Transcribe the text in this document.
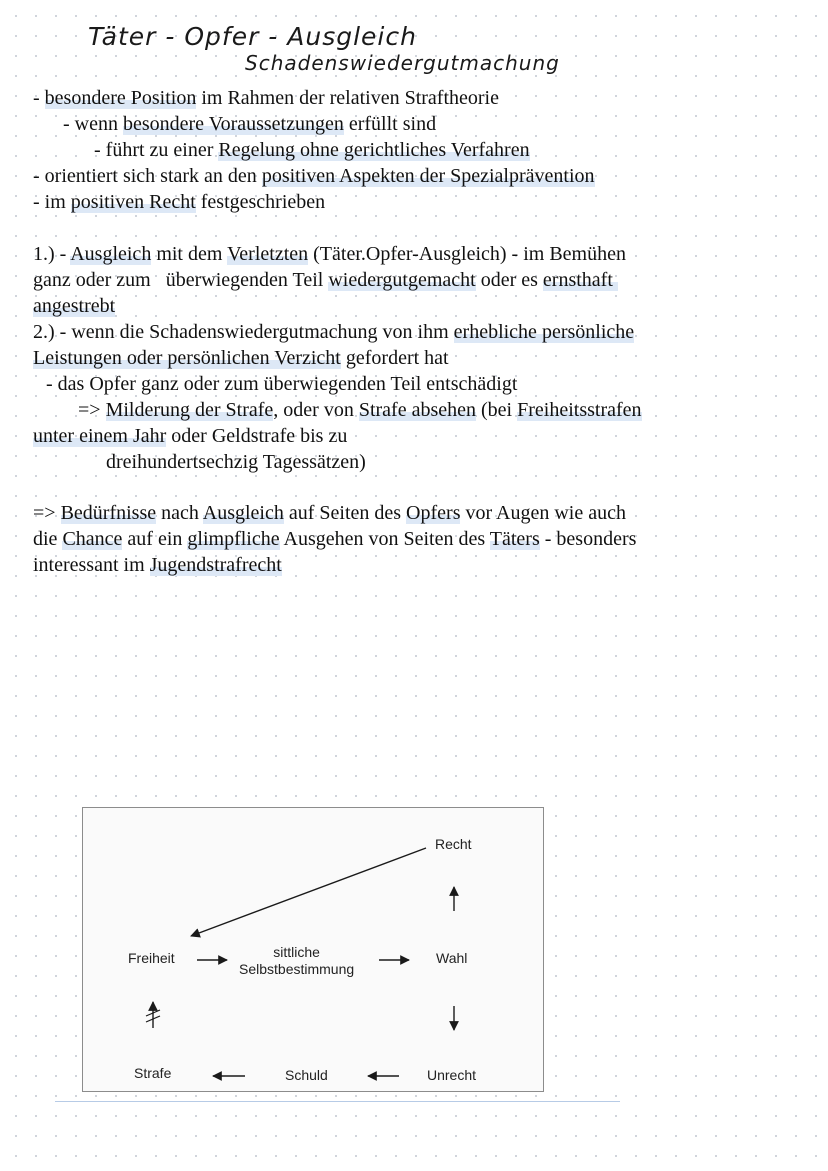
Täter - Opfer - Ausgleich
Schadenswiedergutmachung
- besondere Position im Rahmen der relativen Straftheorie
- wenn besondere Voraussetzungen erfüllt sind
- führt zu einer Regelung ohne gerichtliches Verfahren
- orientiert sich stark an den positiven Aspekten der Spezialprävention
- im positiven Recht festgeschrieben
1.) - Ausgleich mit dem Verletzten (Täter.Opfer-Ausgleich) - im Bemühen
ganz oder zum   überwiegenden Teil wiedergutgemacht oder es ernsthaft
angestrebt
2.) - wenn die Schadenswiedergutmachung von ihm erhebliche persönliche
Leistungen oder persönlichen Verzicht gefordert hat
- das Opfer ganz oder zum überwiegenden Teil entschädigt
=> Milderung der Strafe, oder von Strafe absehen (bei Freiheitsstrafen
unter einem Jahr oder Geldstrafe bis zu
dreihundertsechzig Tagessätzen)
=> Bedürfnisse nach Ausgleich auf Seiten des Opfers vor Augen wie auch
die Chance auf ein glimpfliche Ausgehen von Seiten des Täters - besonders
interessant im Jugendstrafrecht
Recht
Freiheit	sittliche
Selbstbestimmung
Wahl
Strafe	Schuld	Unrecht
